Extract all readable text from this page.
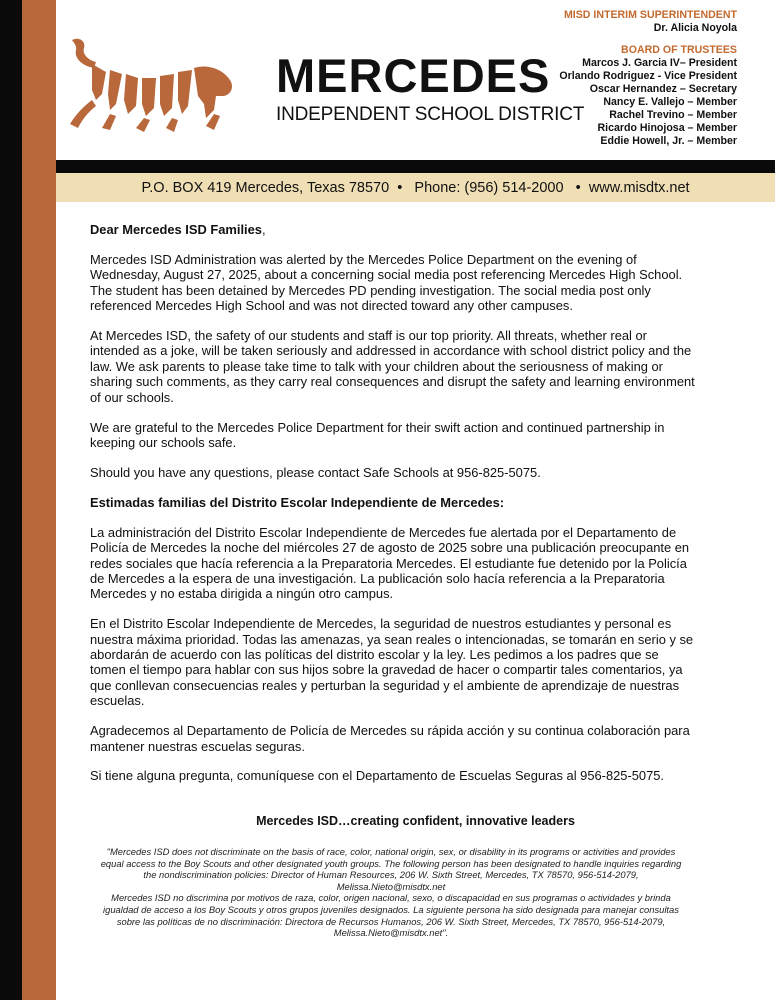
MERCEDES
INDEPENDENT SCHOOL DISTRICT
MISD INTERIM SUPERINTENDENT
Dr. Alicia Noyola
BOARD OF TRUSTEES
Marcos J. Garcia IV– President
Orlando Rodriguez - Vice President
Oscar Hernandez – Secretary
Nancy E. Vallejo – Member
Rachel Trevino – Member
Ricardo Hinojosa – Member
Eddie Howell, Jr. – Member
P.O. BOX 419 Mercedes, Texas 78570
•
Phone: (956) 514-2000
•
www.misdtx.net

Dear Mercedes ISD Families,

Mercedes ISD Administration was alerted by the Mercedes Police Department on the evening of Wednesday, August 27, 2025, about a concerning social media post referencing Mercedes High School. The student has been detained by Mercedes PD pending investigation. The social media post only referenced Mercedes High School and was not directed toward any other campuses.

At Mercedes ISD, the safety of our students and staff is our top priority. All threats, whether real or intended as a joke, will be taken seriously and addressed in accordance with school district policy and the law. We ask parents to please take time to talk with your children about the seriousness of making or sharing such comments, as they carry real consequences and disrupt the safety and learning environment of our schools.

We are grateful to the Mercedes Police Department for their swift action and continued partnership in keeping our schools safe.

Should you have any questions, please contact Safe Schools at 956-825-5075.

Estimadas familias del Distrito Escolar Independiente de Mercedes:

La administración del Distrito Escolar Independiente de Mercedes fue alertada por el Departamento de Policía de Mercedes la noche del miércoles 27 de agosto de 2025 sobre una publicación preocupante en redes sociales que hacía referencia a la Preparatoria Mercedes. El estudiante fue detenido por la Policía de Mercedes a la espera de una investigación. La publicación solo hacía referencia a la Preparatoria Mercedes y no estaba dirigida a ningún otro campus.

En el Distrito Escolar Independiente de Mercedes, la seguridad de nuestros estudiantes y personal es nuestra máxima prioridad. Todas las amenazas, ya sean reales o intencionadas, se tomarán en serio y se abordarán de acuerdo con las políticas del distrito escolar y la ley. Les pedimos a los padres que se tomen el tiempo para hablar con sus hijos sobre la gravedad de hacer o compartir tales comentarios, ya que conllevan consecuencias reales y perturban la seguridad y el ambiente de aprendizaje de nuestras escuelas.

Agradecemos al Departamento de Policía de Mercedes su rápida acción y su continua colaboración para mantener nuestras escuelas seguras.

Si tiene alguna pregunta, comuníquese con el Departamento de Escuelas Seguras al 956-825-5075.

Mercedes ISD…creating confident, innovative leaders

"Mercedes ISD does not discriminate on the basis of race, color, national origin, sex, or disability in its programs or activities and provides equal access to the Boy Scouts and other designated youth groups. The following person has been designated to handle inquiries regarding the nondiscrimination policies: Director of Human Resources, 206 W. Sixth Street, Mercedes, TX 78570, 956-514-2079, Melissa.Nieto@misdtx.net

Mercedes ISD no discrimina por motivos de raza, color, origen nacional, sexo, o discapacidad en sus programas o actividades y brinda igualdad de acceso a los Boy Scouts y otros grupos juveniles designados. La siguiente persona ha sido designada para manejar consultas sobre las políticas de no discriminación: Directora de Recursos Humanos, 206 W. Sixth Street, Mercedes, TX 78570, 956-514-2079, Melissa.Nieto@misdtx.net".
